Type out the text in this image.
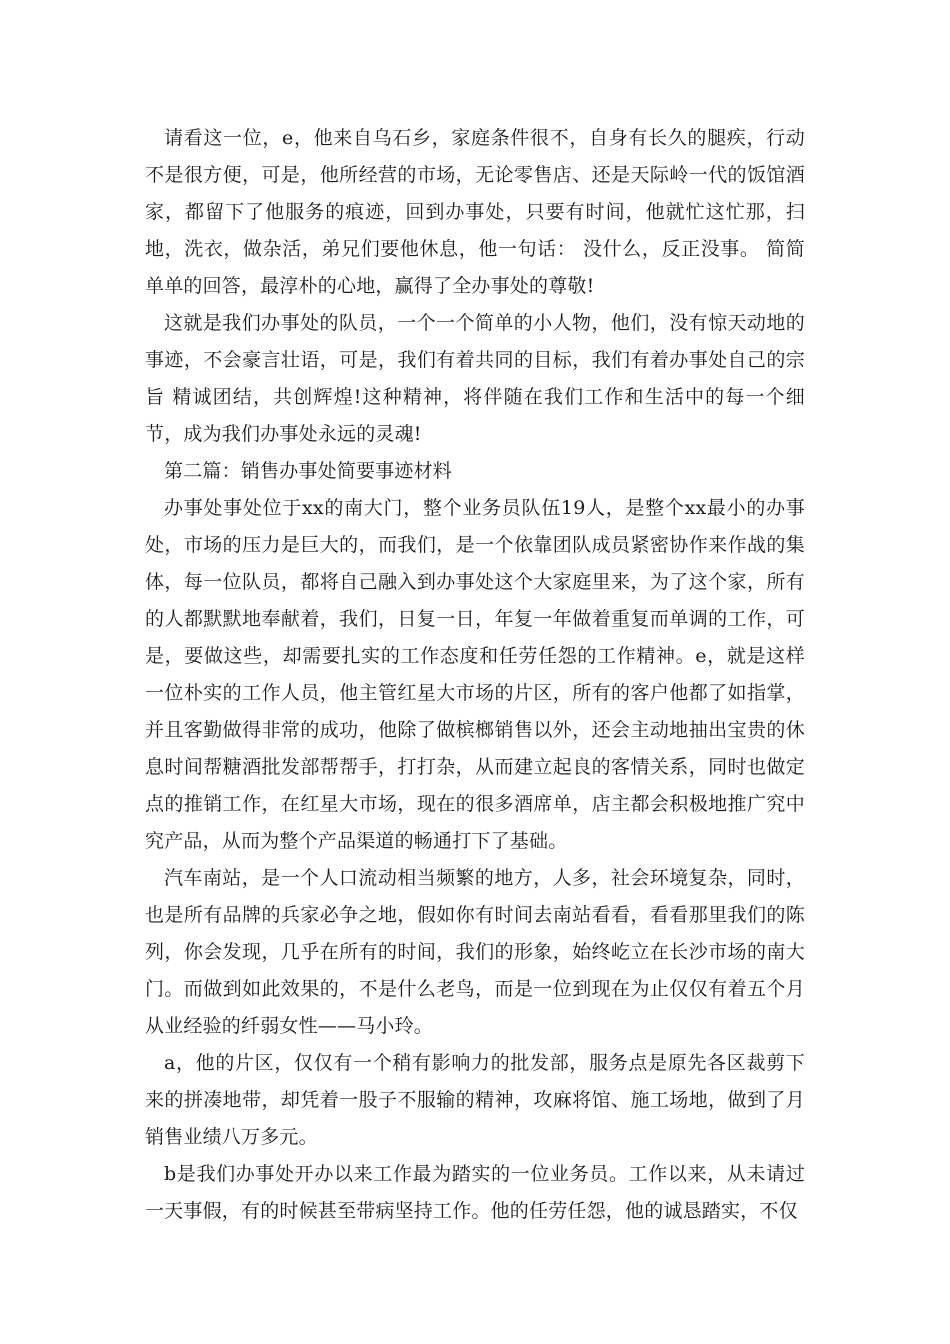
请看这一位，e，他来自乌石乡，家庭条件很不，自身有长久的腿疾，行动不是很方便，可是，他所经营的市场，无论零售店、还是天际岭一代的饭馆酒家，都留下了他服务的痕迹，回到办事处，只要有时间，他就忙这忙那，扫地，洗衣，做杂活，弟兄们要他休息，他一句话： 没什么，反正没事。 简简单单的回答，最淳朴的心地，赢得了全办事处的尊敬!

这就是我们办事处的队员，一个一个简单的小人物，他们，没有惊天动地的事迹，不会豪言壮语，可是，我们有着共同的目标，我们有着办事处自己的宗旨 精诚团结，共创辉煌!这种精神，将伴随在我们工作和生活中的每一个细节，成为我们办事处永远的灵魂!

第二篇：销售办事处简要事迹材料

办事处事处位于xx的南大门，整个业务员队伍19人，是整个xx最小的办事处，市场的压力是巨大的，而我们，是一个依靠团队成员紧密协作来作战的集体，每一位队员，都将自己融入到办事处这个大家庭里来，为了这个家，所有的人都默默地奉献着，我们，日复一日，年复一年做着重复而单调的工作，可是，要做这些，却需要扎实的工作态度和任劳任怨的工作精神。e，就是这样一位朴实的工作人员，他主管红星大市场的片区，所有的客户他都了如指掌，并且客勤做得非常的成功，他除了做槟榔销售以外，还会主动地抽出宝贵的休息时间帮糖酒批发部帮帮手，打打杂，从而建立起良的客情关系，同时也做定点的推销工作，在红星大市场，现在的很多酒席单，店主都会积极地推广究中究产品，从而为整个产品渠道的畅通打下了基础。

汽车南站，是一个人口流动相当频繁的地方，人多，社会环境复杂，同时，也是所有品牌的兵家必争之地，假如你有时间去南站看看，看看那里我们的陈列，你会发现，几乎在所有的时间，我们的形象，始终屹立在长沙市场的南大门。而做到如此效果的，不是什么老鸟，而是一位到现在为止仅仅有着五个月从业经验的纤弱女性——马小玲。

a，他的片区，仅仅有一个稍有影响力的批发部，服务点是原先各区裁剪下来的拼凑地带，却凭着一股子不服输的精神，攻麻将馆、施工场地，做到了月销售业绩八万多元。

b是我们办事处开办以来工作最为踏实的一位业务员。工作以来，从未请过一天事假，有的时候甚至带病坚持工作。他的任劳任怨，他的诚恳踏实，不仅
